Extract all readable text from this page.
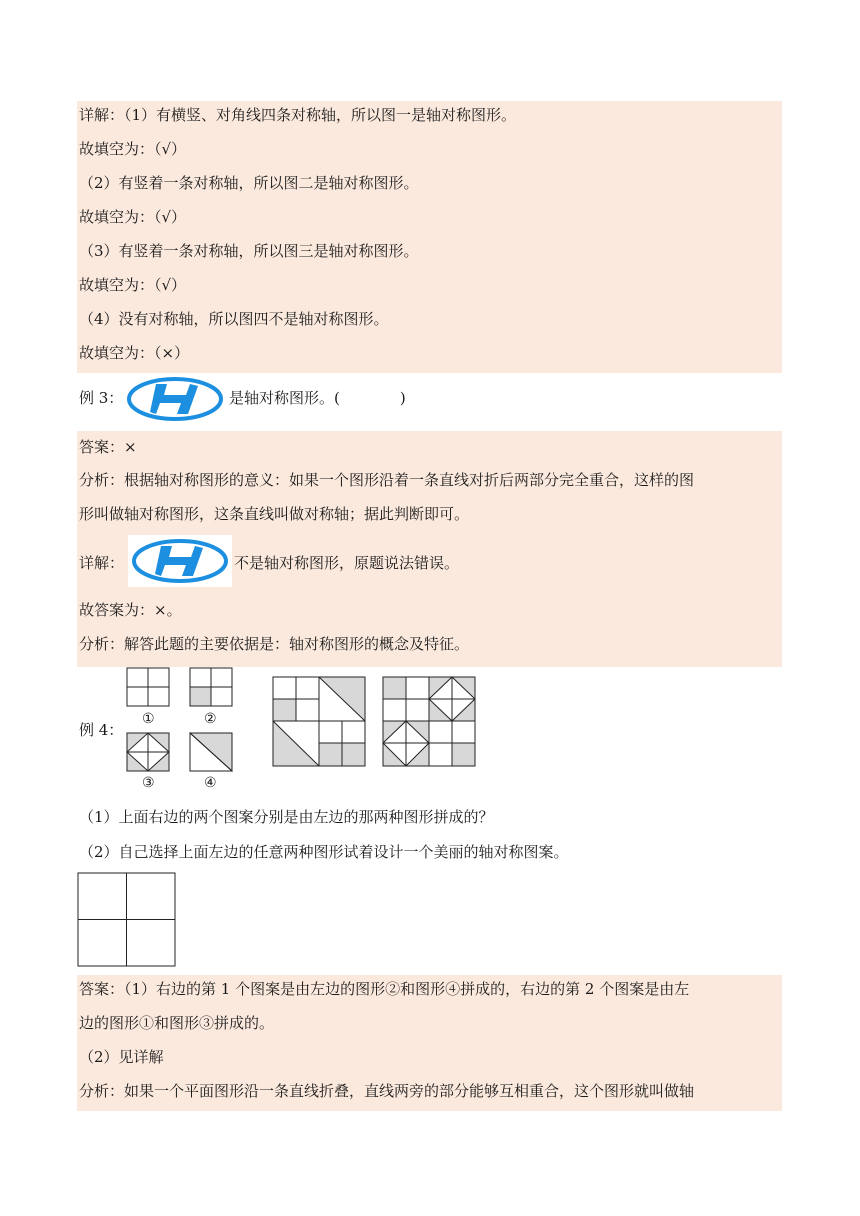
详解：（1）有横竖、对角线四条对称轴，所以图一是轴对称图形。
故填空为：（√）
（2）有竖着一条对称轴，所以图二是轴对称图形。
故填空为：（√）
（3）有竖着一条对称轴，所以图三是轴对称图形。
故填空为：（√）
（4）没有对称轴，所以图四不是轴对称图形。
故填空为：（×）
例 3：	是轴对称图形。(　　　　)
答案：×
分析：根据轴对称图形的意义：如果一个图形沿着一条直线对折后两部分完全重合，这样的图
形叫做轴对称图形，这条直线叫做对称轴；据此判断即可。
详解：	不是轴对称图形，原题说法错误。
故答案为：×。
分析：解答此题的主要依据是：轴对称图形的概念及特征。
例 4：
①	②
③	④
（1）上面右边的两个图案分别是由左边的那两种图形拼成的？
（2）自己选择上面左边的任意两种图形试着设计一个美丽的轴对称图案。
答案：（1）右边的第 1 个图案是由左边的图形②和图形④拼成的，右边的第 2 个图案是由左
边的图形①和图形③拼成的。
（2）见详解
分析：如果一个平面图形沿一条直线折叠，直线两旁的部分能够互相重合，这个图形就叫做轴
